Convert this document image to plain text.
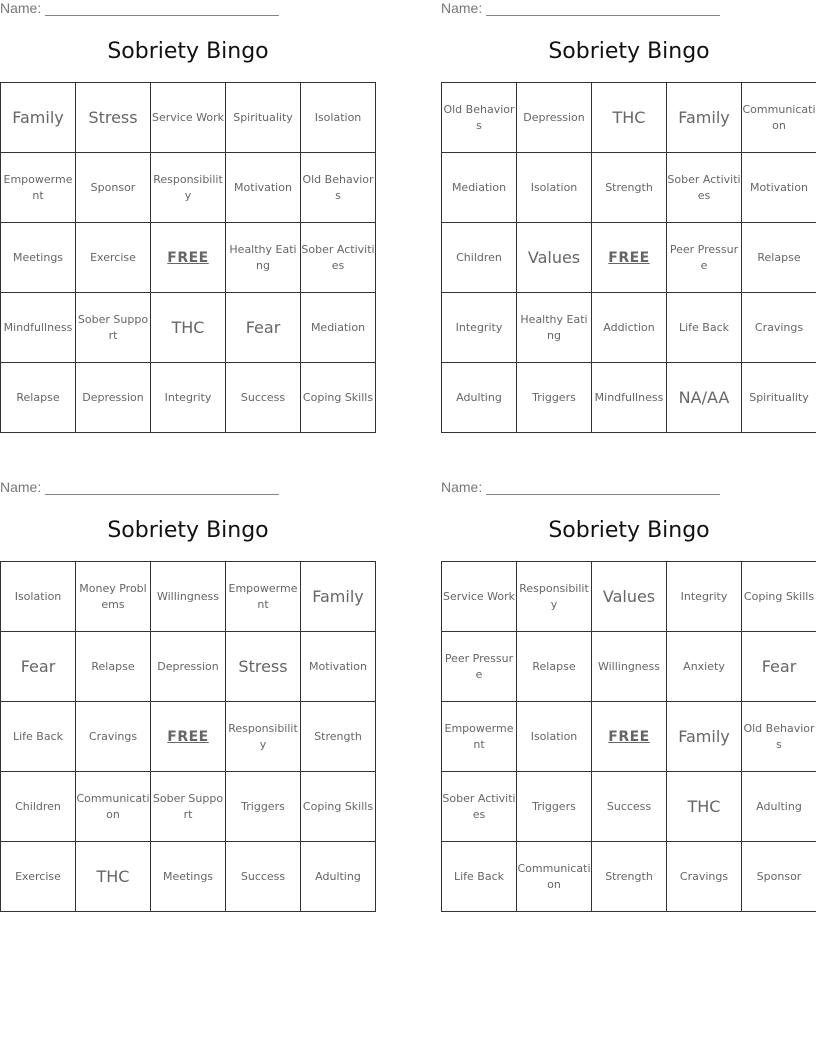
Name: ______________________________
Sobriety Bingo
Family	Stress	Service Work	Spirituality	Isolation
Empowerment	Sponsor	Responsibility	Motivation	Old Behaviors
Meetings	Exercise	FREE	Healthy Eating	Sober Activities
Mindfullness	Sober Support	THC	Fear	Mediation
Relapse	Depression	Integrity	Success	Coping Skills
Name: ______________________________
Sobriety Bingo
Old Behaviors	Depression	THC	Family	Communication
Mediation	Isolation	Strength	Sober Activities	Motivation
Children	Values	FREE	Peer Pressure	Relapse
Integrity	Healthy Eating	Addiction	Life Back	Cravings
Adulting	Triggers	Mindfullness	NA/AA	Spirituality
Name: ______________________________
Sobriety Bingo
Isolation	Money Problems	Willingness	Empowerment	Family
Fear	Relapse	Depression	Stress	Motivation
Life Back	Cravings	FREE	Responsibility	Strength
Children	Communication	Sober Support	Triggers	Coping Skills
Exercise	THC	Meetings	Success	Adulting
Name: ______________________________
Sobriety Bingo
Service Work	Responsibility	Values	Integrity	Coping Skills
Peer Pressure	Relapse	Willingness	Anxiety	Fear
Empowerment	Isolation	FREE	Family	Old Behaviors
Sober Activities	Triggers	Success	THC	Adulting
Life Back	Communication	Strength	Cravings	Sponsor
